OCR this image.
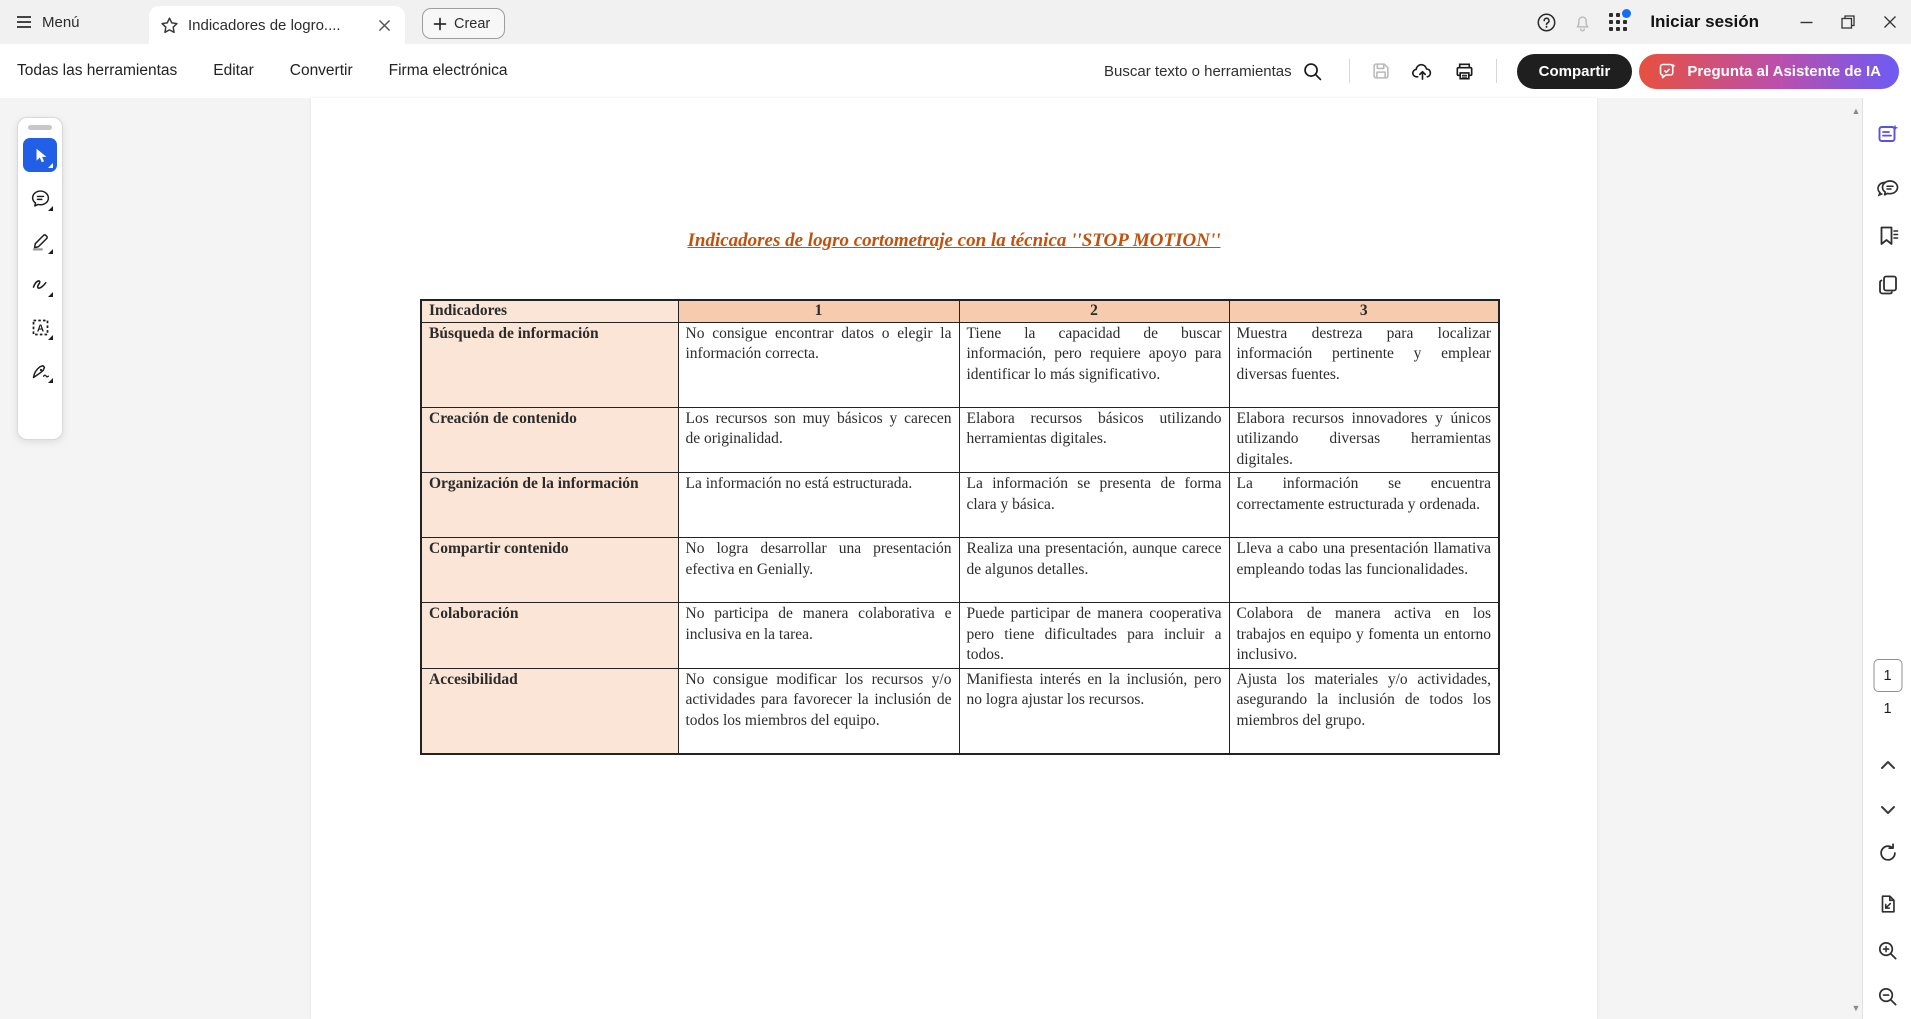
Menú	Indicadores de logro....	Crear	Iniciar sesión
Todas las herramientas Editar Convertir Firma electrónica	Buscar texto o herramientas	Compartir	Pregunta al Asistente de IA
Indicadores de logro cortometraje con la técnica ''STOP MOTION''
Indicadores	1	2	3
Búsqueda de información	No consigue encontrar datos o elegir la información correcta.	Tiene la capacidad de buscar información, pero requiere apoyo para identificar lo más significativo.	Muestra destreza para localizar información pertinente y emplear diversas fuentes.
Creación de contenido	Los recursos son muy básicos y carecen de originalidad.	Elabora recursos básicos utilizando herramientas digitales.	Elabora recursos innovadores y únicos utilizando diversas herramientas digitales.
Organización de la información	La información no está estructurada.	La información se presenta de forma clara y básica.	La información se encuentra correctamente estructurada y ordenada.
Compartir contenido	No logra desarrollar una presentación efectiva en Genially.	Realiza una presentación, aunque carece de algunos detalles.	Lleva a cabo una presentación llamativa empleando todas las funcionalidades.
Colaboración	No participa de manera colaborativa e inclusiva en la tarea.	Puede participar de manera cooperativa pero tiene dificultades para incluir a todos.	Colabora de manera activa en los trabajos en equipo y fomenta un entorno inclusivo.
Accesibilidad	No consigue modificar los recursos y/o actividades para favorecer la inclusión de todos los miembros del equipo.	Manifiesta interés en la inclusión, pero no logra ajustar los recursos.	Ajusta los materiales y/o actividades, asegurando la inclusión de todos los miembros del grupo.
A
▲
▼
1
1
